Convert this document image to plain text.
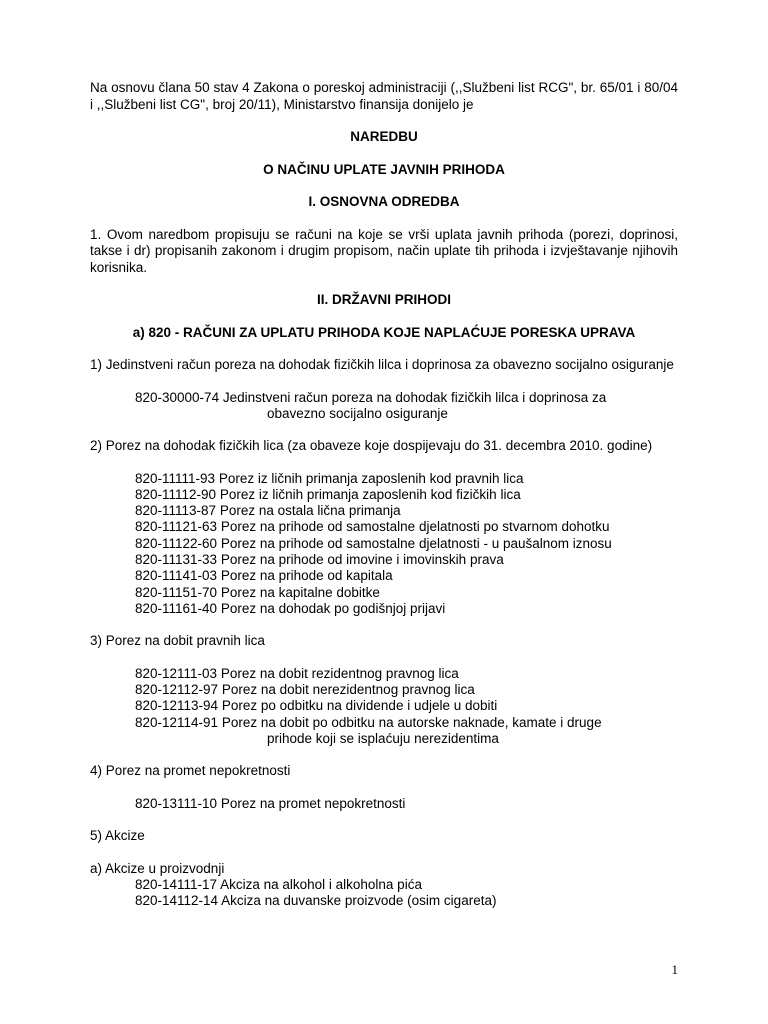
Na osnovu člana 50 stav 4 Zakona o poreskoj administraciji (,,Službeni list RCG", br. 65/01 i 80/04 i ,,Službeni list CG", broj 20/11), Ministarstvo finansija donijelo je

NAREDBU

O NAČINU UPLATE JAVNIH PRIHODA

I. OSNOVNA ODREDBA

1. Ovom naredbom propisuju se računi na koje se vrši uplata javnih prihoda (porezi, doprinosi, takse i dr) propisanih zakonom i drugim propisom, način uplate tih prihoda i izvještavanje njihovih korisnika.

II. DRŽAVNI PRIHODI

a) 820 - RAČUNI ZA UPLATU PRIHODA KOJE NAPLAĆUJE PORESKA UPRAVA

1) Jedinstveni račun poreza na dohodak fizičkih lilca i doprinosa za obavezno socijalno osiguranje

820-30000-74 Jedinstveni račun poreza na dohodak fizičkih lilca i doprinosa za
obavezno socijalno osiguranje

2) Porez na dohodak fizičkih lica (za obaveze koje dospijevaju do 31. decembra 2010. godine)

820-11111-93 Porez iz ličnih primanja zaposlenih kod pravnih lica
820-11112-90 Porez iz ličnih primanja zaposlenih kod fizičkih lica
820-11113-87 Porez na ostala lična primanja
820-11121-63 Porez na prihode od samostalne djelatnosti po stvarnom dohotku
820-11122-60 Porez na prihode od samostalne djelatnosti - u paušalnom iznosu
820-11131-33 Porez na prihode od imovine i imovinskih prava
820-11141-03 Porez na prihode od kapitala
820-11151-70 Porez na kapitalne dobitke
820-11161-40 Porez na dohodak po godišnjoj prijavi

3) Porez na dobit pravnih lica

820-12111-03 Porez na dobit rezidentnog pravnog lica
820-12112-97 Porez na dobit nerezidentnog pravnog lica
820-12113-94 Porez po odbitku na dividende i udjele u dobiti
820-12114-91 Porez na dobit po odbitku na autorske naknade, kamate i druge
prihode koji se isplaćuju nerezidentima

4) Porez na promet nepokretnosti

820-13111-10 Porez na promet nepokretnosti

5) Akcize

a) Akcize u proizvodnji

820-14111-17 Akciza na alkohol i alkoholna pića
820-14112-14 Akciza na duvanske proizvode (osim cigareta)
1
